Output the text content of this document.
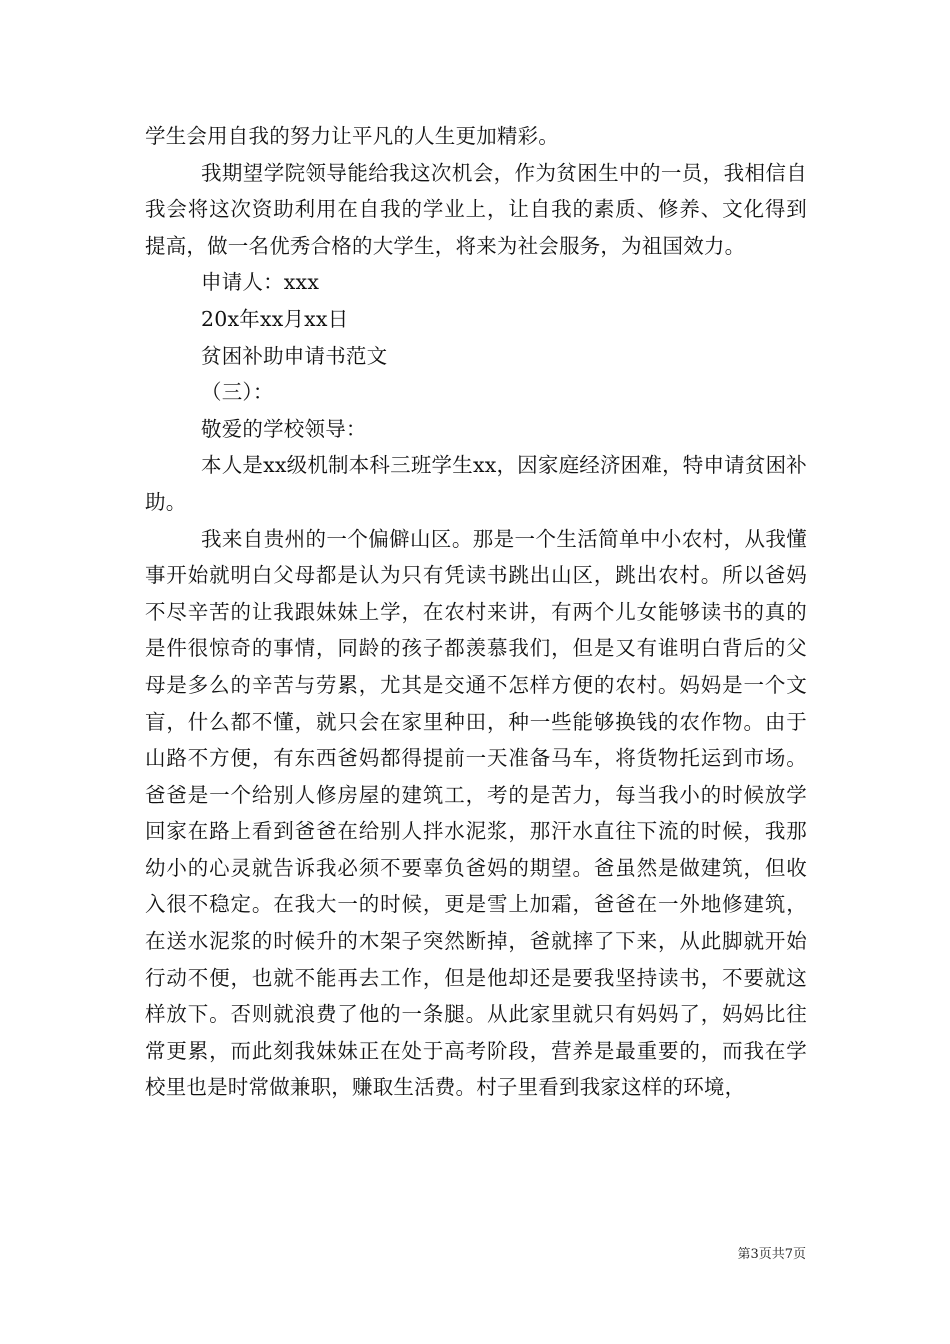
学生会用自我的努力让平凡的人生更加精彩。

我期望学院领导能给我这次机会，作为贫困生中的一员，我相信自我会将这次资助利用在自我的学业上，让自我的素质、修养、文化得到提高，做一名优秀合格的大学生，将来为社会服务，为祖国效力。

申请人：xxx

20x年xx月xx日

贫困补助申请书范文

（三）：

敬爱的学校领导：

本人是xx级机制本科三班学生xx，因家庭经济困难，特申请贫困补助。

我来自贵州的一个偏僻山区。那是一个生活简单中小农村，从我懂事开始就明白父母都是认为只有凭读书跳出山区，跳出农村。所以爸妈不尽辛苦的让我跟妹妹上学，在农村来讲，有两个儿女能够读书的真的是件很惊奇的事情，同龄的孩子都羡慕我们，但是又有谁明白背后的父母是多么的辛苦与劳累，尤其是交通不怎样方便的农村。妈妈是一个文盲，什么都不懂，就只会在家里种田，种一些能够换钱的农作物。由于山路不方便，有东西爸妈都得提前一天准备马车，将货物托运到市场。爸爸是一个给别人修房屋的建筑工，考的是苦力，每当我小的时候放学回家在路上看到爸爸在给别人拌水泥浆，那汗水直往下流的时候，我那幼小的心灵就告诉我必须不要辜负爸妈的期望。爸虽然是做建筑，但收入很不稳定。在我大一的时候，更是雪上加霜，爸爸在一外地修建筑，在送水泥浆的时候升的木架子突然断掉，爸就摔了下来，从此脚就开始行动不便，也就不能再去工作，但是他却还是要我坚持读书，不要就这样放下。否则就浪费了他的一条腿。从此家里就只有妈妈了，妈妈比往常更累，而此刻我妹妹正在处于高考阶段，营养是最重要的，而我在学校里也是时常做兼职，赚取生活费。村子里看到我家这样的环境，

第3页共7页
